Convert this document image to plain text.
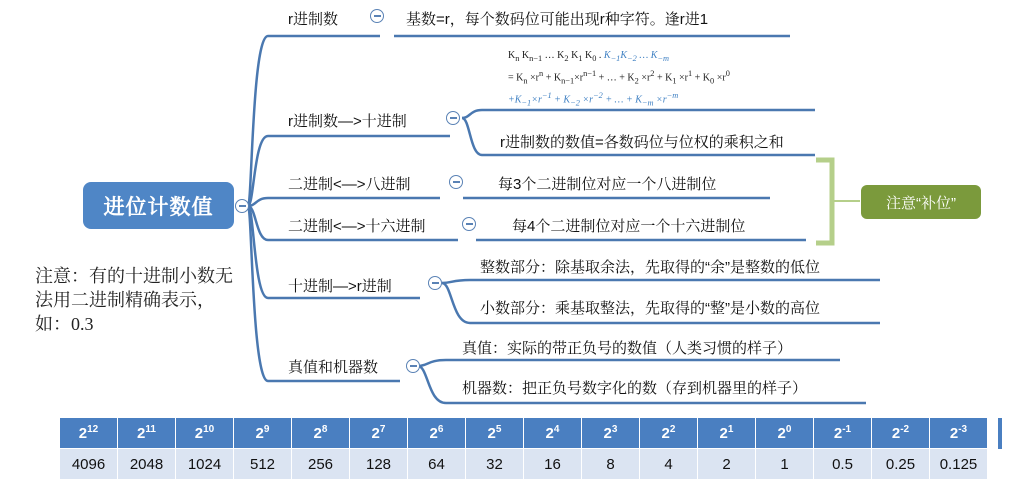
进位计数值
注意：有的十进制小数无法用二进制精确表示，如：0.3
r进制数	基数=r，每个数码位可能出现r种字符。逢r进1
r进制数—>十进制
r进制数的数值=各数码位与位权的乘积之和
$K_n$ $K_{n-1}$ … $K_2$ $K_1$ $K_0$ . $K_{-1}K_{-2}$ … $K_{-m}$
= $K_n \times r^n + K_{n-1}\times r^{n-1}$ + … + $K_2 \times r^2 + K_1 \times r^1 + K_0 \times r^0$
$+K_{-1}\times r^{-1} + K_{-2} \times r^{-2}$ + … + $K_{-m} \times r^{-m}$
二进制<—>八进制	每3个二进制位对应一个八进制位
二进制<—>十六进制	每4个二进制位对应一个十六进制位
注意“补位”
十进制—>r进制
整数部分：除基取余法，先取得的“余”是整数的低位
小数部分：乘基取整法，先取得的“整”是小数的高位
真值和机器数
真值：实际的带正负号的数值（人类习惯的样子）
机器数：把正负号数字化的数（存到机器里的样子）
$2^{12}$	$2^{11}$	$2^{10}$	$2^9$	$2^8$	$2^7$	$2^6$	$2^5$	$2^4$	$2^3$	$2^2$	$2^1$	$2^0$	$2^{-1}$	$2^{-2}$	$2^{-3}$
4096	2048	1024	512	256	128	64	32	16	8	4	2	1	0.5	0.25	0.125
